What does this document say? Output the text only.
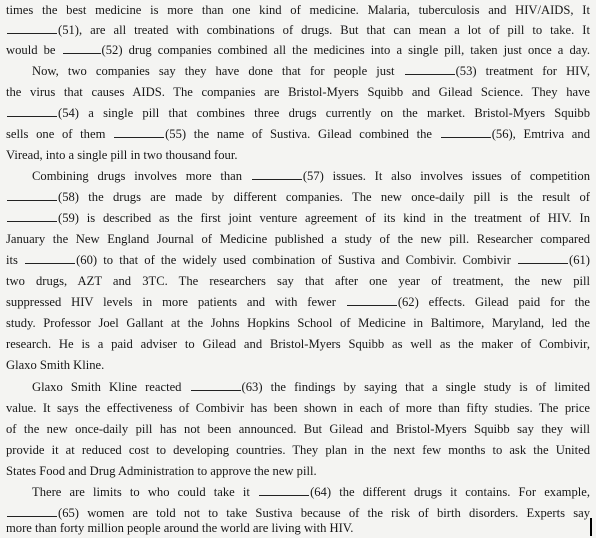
times the best medicine is more than one kind of medicine. Malaria, tuberculosis and HIV/AIDS, It
(51), are all treated with combinations of drugs. But that can mean a lot of pill to take. It
would be	(52) drug companies combined all the medicines into a single pill, taken just once a day.
Now, two companies say they have done that for people just	(53) treatment for HIV,
the virus that causes AIDS. The companies are Bristol-Myers Squibb and Gilead Science. They have
(54) a single pill that combines three drugs currently on the market. Bristol-Myers Squibb
sells one of them	(55) the name of Sustiva. Gilead combined the	(56), Emtriva and
Viread, into a single pill in two thousand four.
Combining drugs involves more than	(57) issues. It also involves issues of competition
(58) the drugs are made by different companies. The new once-daily pill is the result of
(59) is described as the first joint venture agreement of its kind in the treatment of HIV. In
January the New England Journal of Medicine published a study of the new pill. Researcher compared
its	(60) to that of the widely used combination of Sustiva and Combivir. Combivir	(61)
two drugs, AZT and 3TC. The researchers say that after one year of treatment, the new pill
suppressed HIV levels in more patients and with fewer	(62) effects. Gilead paid for the
study. Professor Joel Gallant at the Johns Hopkins School of Medicine in Baltimore, Maryland, led the
research. He is a paid adviser to Gilead and Bristol-Myers Squibb as well as the maker of Combivir,
Glaxo Smith Kline.
Glaxo Smith Kline reacted	(63) the findings by saying that a single study is of limited
value. It says the effectiveness of Combivir has been shown in each of more than fifty studies. The price
of the new once-daily pill has not been announced. But Gilead and Bristol-Myers Squibb say they will
provide it at reduced cost to developing countries. They plan in the next few months to ask the United
States Food and Drug Administration to approve the new pill.
There are limits to who could take it	(64) the different drugs it contains. For example,
(65) women are told not to take Sustiva because of the risk of birth disorders. Experts say
more than forty million people around the world are living with HIV.
